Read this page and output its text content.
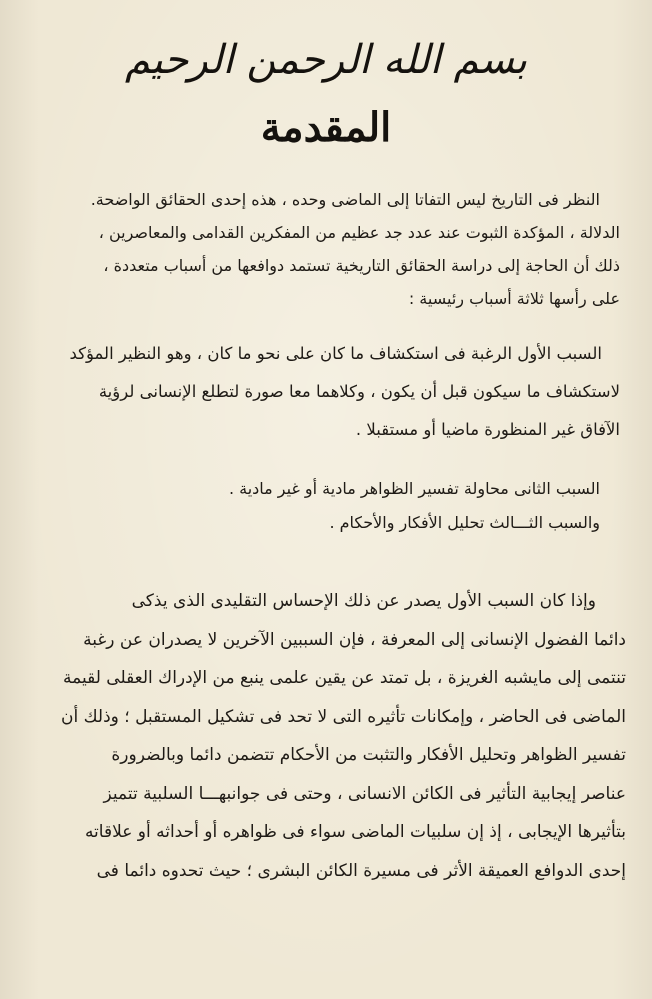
بسم الله الرحمن الرحيم
المقدمة
النظر فى التاريخ ليس التفاتا إلى الماضى وحده ، هذه إحدى الحقائق الواضحة.
الدلالة ، المؤكدة الثبوت عند عدد جد عظيم من المفكرين القدامى والمعاصرين ،
ذلك أن الحاجة إلى دراسة الحقائق التاريخية تستمد دوافعها من أسباب متعددة ،
على رأسها ثلاثة أسباب رئيسية :
السبب الأول الرغبة فى استكشاف ما كان على نحو ما كان ، وهو النظير المؤكد
لاستكشاف ما سيكون قبل أن يكون ، وكلاهما معا صورة لتطلع الإنسانى لرؤية
الآفاق غير المنظورة ماضيا أو مستقبلا .
السبب الثانى محاولة تفسير الظواهر مادية أو غير مادية .
والسبب الثـــالث تحليل الأفكار والأحكام .
وإذا كان السبب الأول يصدر عن ذلك الإحساس التقليدى الذى يذكى
دائما الفضول الإنسانى إلى المعرفة ، فإن السببين الآخرين لا يصدران عن رغبة
تنتمى إلى مايشبه الغريزة ، بل تمتد عن يقين علمى ينبع من الإدراك العقلى لقيمة
الماضى فى الحاضر ، وإمكانات تأثيره التى لا تحد فى تشكيل المستقبل ؛ وذلك أن
تفسير الظواهر وتحليل الأفكار والتثبت من الأحكام تتضمن دائما وبالضرورة
عناصر إيجابية التأثير فى الكائن الانسانى ، وحتى فى جوانبهـــا السلبية تتميز
بتأثيرها الإيجابى ، إذ إن سلبيات الماضى سواء فى ظواهره أو أحداثه أو علاقاته
إحدى الدوافع العميقة الأثر فى مسيرة الكائن البشرى ؛ حيث تحدوه دائما فى
